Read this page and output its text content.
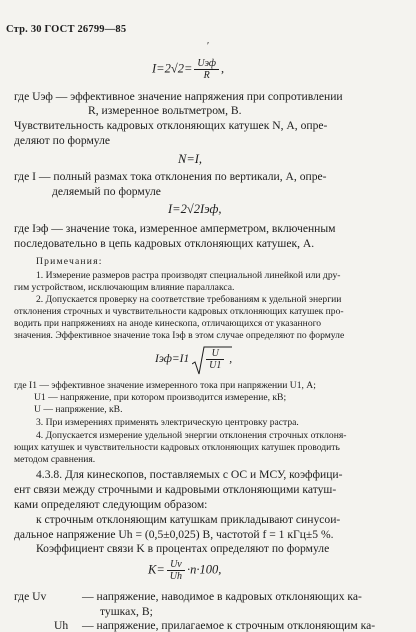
Стр. 30 ГОСТ 26799—85
′
$I=2√2= \frac{\text{Uэф}}{R}$ ,
где Uэф — эффективное значение напряжения при сопротивлении
R, измеренное вольтметром, В.
Чувствительность кадровых отклоняющих катушек N, А, опре-
деляют по формуле
N=I,
где I — полный размах тока отклонения по вертикали, А, опре-
деляемый по формуле
I=2√2Iэф,
где Iэф — значение тока, измеренное амперметром, включенным
последовательно в цепь кадровых отклоняющих катушек, А.
Примечания:
1. Измерение размеров растра производят специальной линейкой или дру-
гим устройством, исключающим влияние параллакса.
2. Допускается проверку на соответствие требованиям к удельной энергии
отклонения строчных и чувствительности кадровых отклоняющих катушек про-
водить при напряжениях на аноде кинескопа, отличающихся от указанного
значения. Эффективное значение тока Iэф в этом случае определяют по формуле
$Iэф=I1 \frac{U}{U1}$ ,
где I1 — эффективное значение измеренного тока при напряжении U1, А;
U1 — напряжение, при котором производится измерение, кВ;
U — напряжение, кВ.
3. При измерениях применять электрическую центровку растра.
4. Допускается измерение удельной энергии отклонения строчных отклоня-
ющих катушек и чувствительности кадровых отклоняющих катушек проводить
методом сравнения.
4.3.8. Для кинескопов, поставляемых с ОС и МСУ, коэффици-
ент связи между строчными и кадровыми отклоняющими катуш-
ками определяют следующим образом:
к строчным отклоняющим катушкам прикладывают синусои-
дальное напряжение Uh = (0,5±0,025) В, частотой f = 1 кГц±5 %.
Коэффициент связи K в процентах определяют по формуле
$K= \frac{Uv}{Uh} \cdot n\cdot 100$,
где Uv	— напряжение, наводимое в кадровых отклоняющих ка-
тушках, В;
Uh — напряжение, прилагаемое к строчным отклоняющим ка-
